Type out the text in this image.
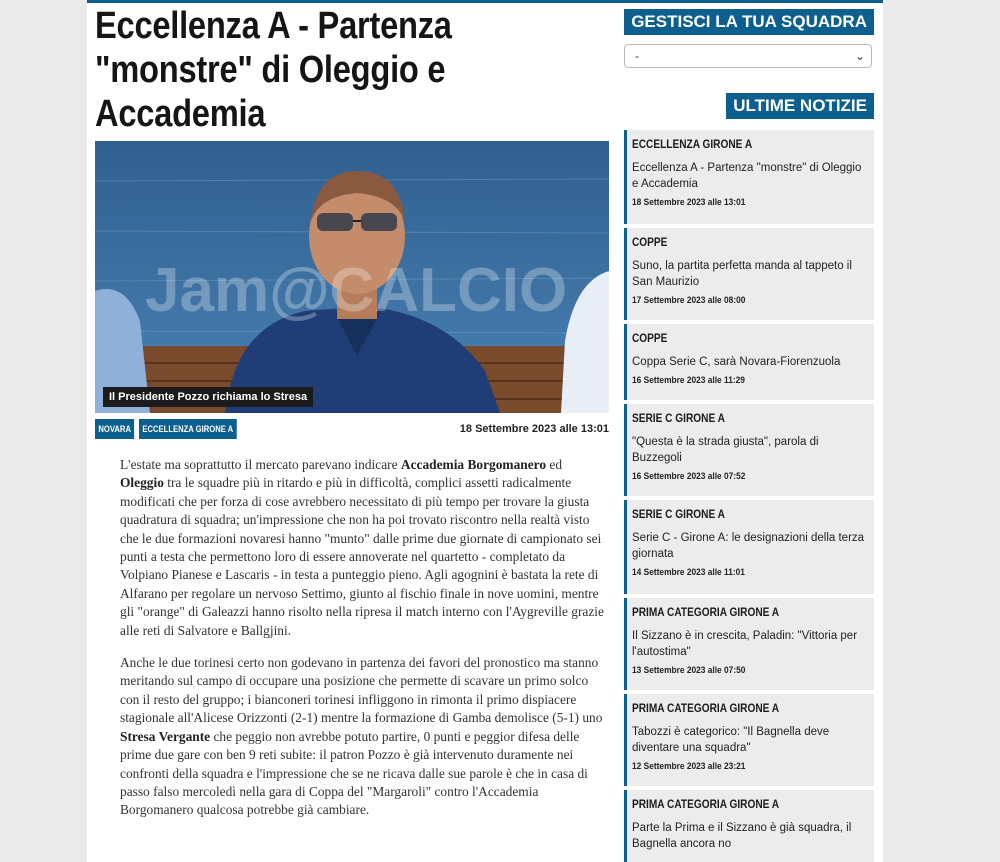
Eccellenza A - Partenza "monstre" di Oleggio e Accademia
Jam@CALCIO
Il Presidente Pozzo richiama lo Stresa
NOVARA	ECCELLENZA GIRONE A	18 Settembre 2023 alle 13:01

L'estate ma soprattutto il mercato parevano indicare Accademia Borgomanero ed Oleggio tra le squadre più in ritardo e più in difficoltà, complici assetti radicalmente modificati che per forza di cose avrebbero necessitato di più tempo per trovare la giusta quadratura di squadra; un'impressione che non ha poi trovato riscontro nella realtà visto che le due formazioni novaresi hanno "munto" dalle prime due giornate di campionato sei punti a testa che permettono loro di essere annoverate nel quartetto - completato da Volpiano Pianese e Lascaris - in testa a punteggio pieno. Agli agognini è bastata la rete di Alfarano per regolare un nervoso Settimo, giunto al fischio finale in nove uomini, mentre gli "orange" di Galeazzi hanno risolto nella ripresa il match interno con l'Aygreville grazie alle reti di Salvatore e Ballgjini.

Anche le due torinesi certo non godevano in partenza dei favori del pronostico ma stanno meritando sul campo di occupare una posizione che permette di scavare un primo solco con il resto del gruppo; i bianconeri torinesi infliggono in rimonta il primo dispiacere stagionale all'Alicese Orizzonti (2-1) mentre la formazione di Gamba demolisce (5-1) uno Stresa Vergante che peggio non avrebbe potuto partire, 0 punti e peggior difesa delle prime due gare con ben 9 reti subite: il patron Pozzo è già intervenuto duramente nei confronti della squadra e l'impressione che se ne ricava dalle sue parole è che in casa di passo falso mercoledì nella gara di Coppa del "Margaroli" contro l'Accademia Borgomanero qualcosa potrebbe già cambiare.

GESTISCI LA TUA SQUADRA
-	⌄
ULTIME NOTIZIE
ECCELLENZA GIRONE A
Eccellenza A - Partenza "monstre" di Oleggio e Accademia
18 Settembre 2023 alle 13:01
COPPE
Suno, la partita perfetta manda al tappeto il San Maurizio
17 Settembre 2023 alle 08:00
COPPE
Coppa Serie C, sarà Novara-Fiorenzuola
16 Settembre 2023 alle 11:29
SERIE C GIRONE A
"Questa è la strada giusta", parola di Buzzegoli
16 Settembre 2023 alle 07:52
SERIE C GIRONE A
Serie C - Girone A: le designazioni della terza giornata
14 Settembre 2023 alle 11:01
PRIMA CATEGORIA GIRONE A
Il Sizzano è in crescita, Paladin: "Vittoria per l'autostima"
13 Settembre 2023 alle 07:50
PRIMA CATEGORIA GIRONE A
Tabozzi è categorico: "Il Bagnella deve diventare una squadra"
12 Settembre 2023 alle 23:21
PRIMA CATEGORIA GIRONE A
Parte la Prima e il Sizzano è già squadra, il Bagnella ancora no
